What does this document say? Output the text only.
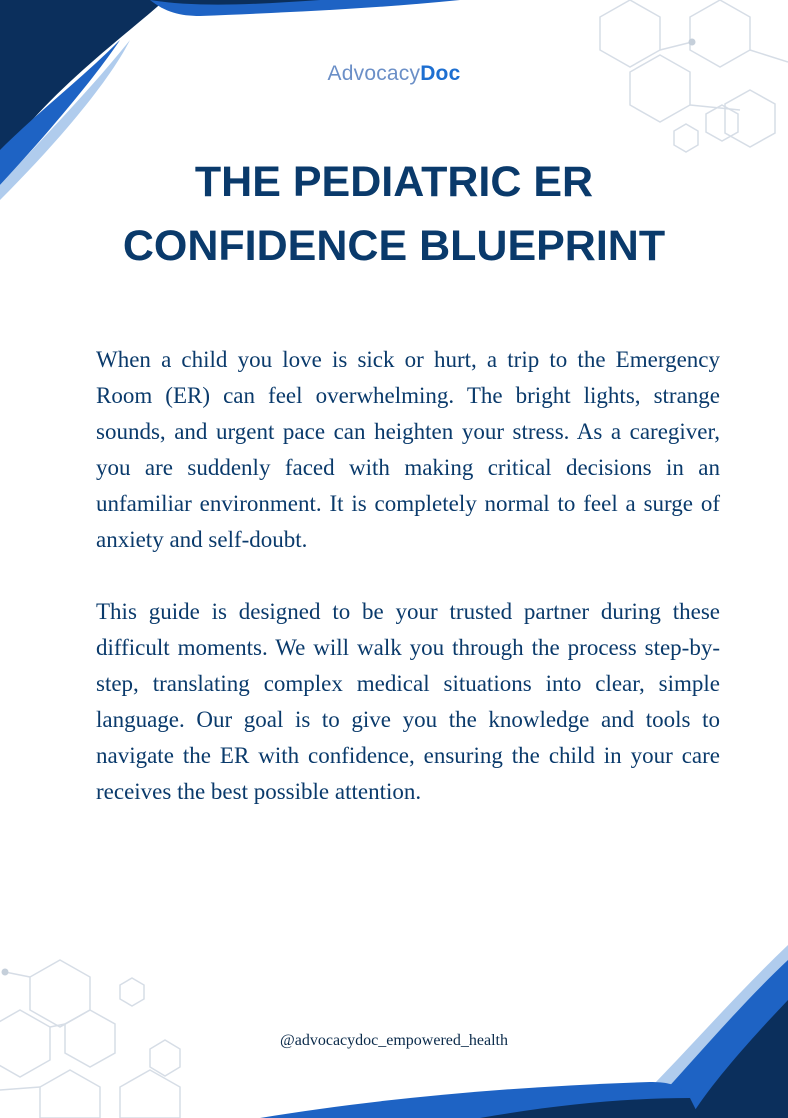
AdvocacyDoc
THE PEDIATRIC ER
CONFIDENCE BLUEPRINT

When a child you love is sick or hurt, a trip to the Emergency Room (ER) can feel overwhelming. The bright lights, strange sounds, and urgent pace can heighten your stress. As a caregiver, you are suddenly faced with making critical decisions in an unfamiliar environment. It is completely normal to feel a surge of anxiety and self-doubt.

This guide is designed to be your trusted partner during these difficult moments. We will walk you through the process step-by-step, translating complex medical situations into clear, simple language. Our goal is to give you the knowledge and tools to navigate the ER with confidence, ensuring the child in your care receives the best possible attention.

@advocacydoc_empowered_health
